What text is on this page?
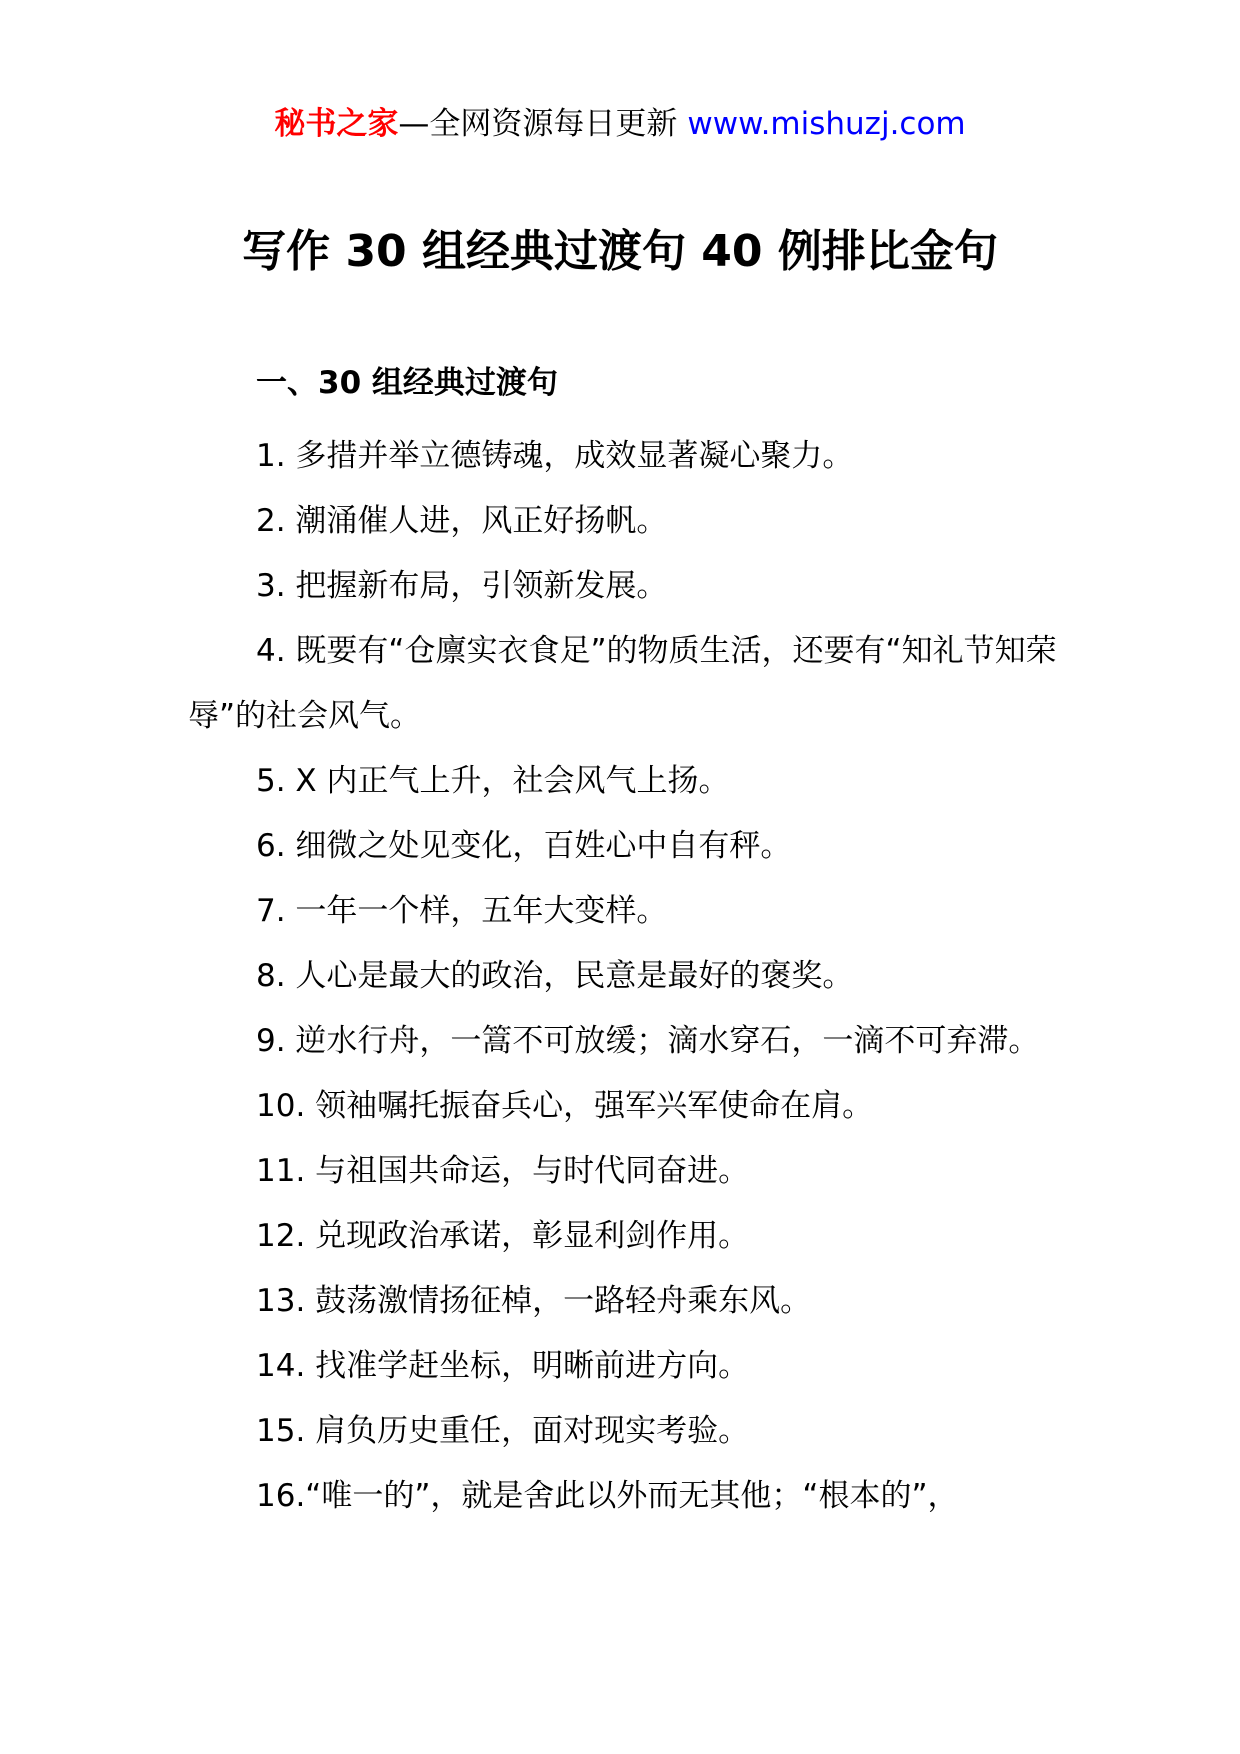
秘书之家—全网资源每日更新 www.mishuzj.com
写作 30 组经典过渡句 40 例排比金句

一、30 组经典过渡句

1. 多措并举立德铸魂，成效显著凝心聚力。

2. 潮涌催人进，风正好扬帆。

3. 把握新布局，引领新发展。

4. 既要有“仓廪实衣食足”的物质生活，还要有“知礼节知荣辱”的社会风气。

5. X 内正气上升，社会风气上扬。

6. 细微之处见变化，百姓心中自有秤。

7. 一年一个样，五年大变样。

8. 人心是最大的政治，民意是最好的褒奖。

9. 逆水行舟，一篙不可放缓；滴水穿石，一滴不可弃滞。

10. 领袖嘱托振奋兵心，强军兴军使命在肩。

11. 与祖国共命运，与时代同奋进。

12. 兑现政治承诺，彰显利剑作用。

13. 鼓荡激情扬征棹，一路轻舟乘东风。

14. 找准学赶坐标，明晰前进方向。

15. 肩负历史重任，面对现实考验。

16.“唯一的”，就是舍此以外而无其他；“根本的”，
